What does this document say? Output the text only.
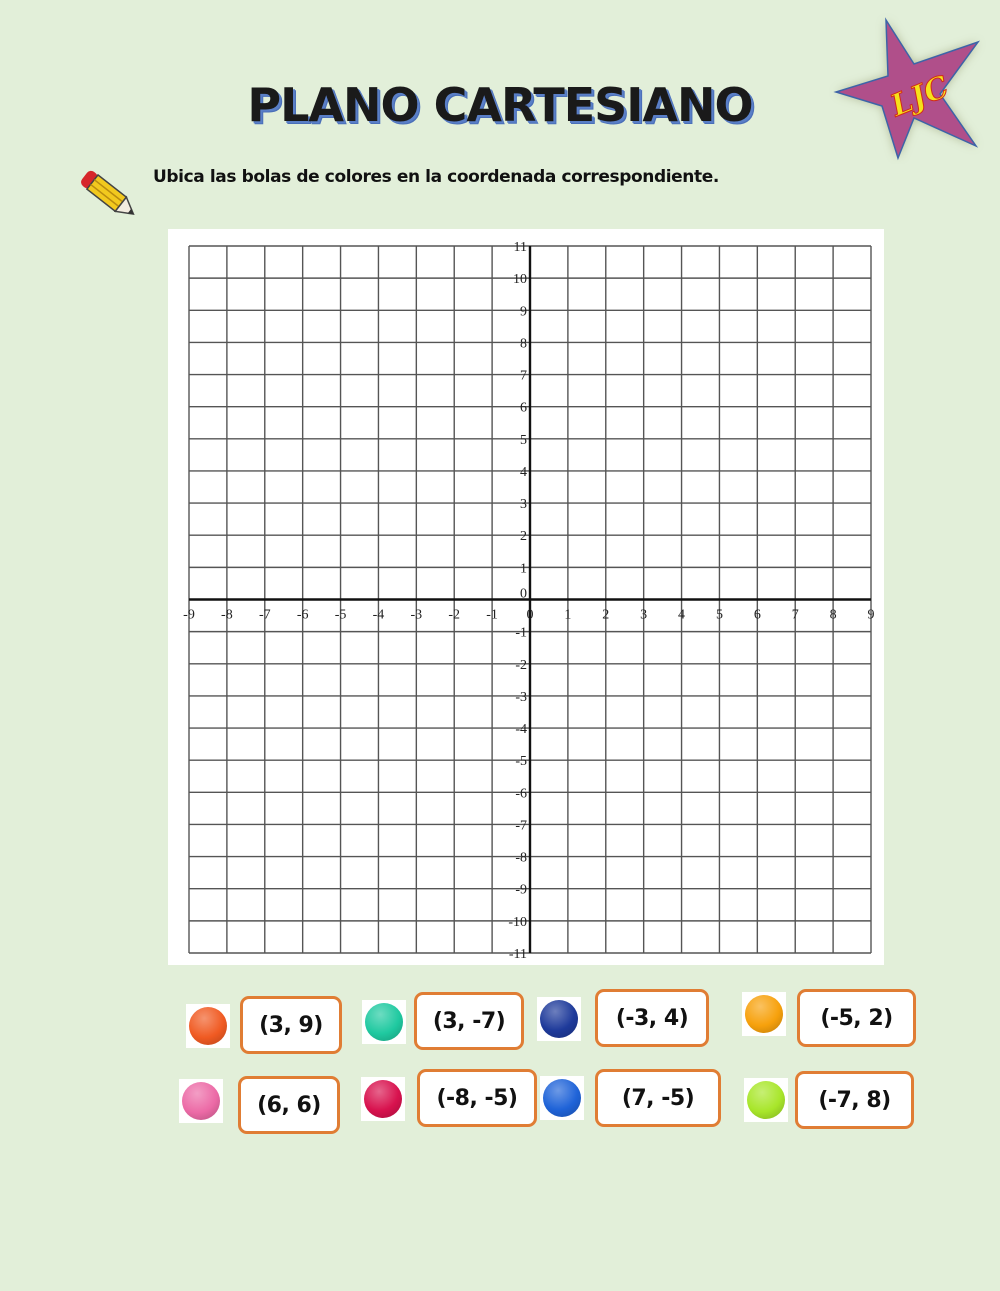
PLANO CARTESIANO	LJC
Ubica las bolas de colores en la coordenada correspondiente.
-9 -8 -7 -6 -5 -4 -3 -2 -1 0 1 2 3 4 5 6 7 8 9
11
10
9
8
7
6
5
4
3
2
1
0
-1
-2
-3
-4
-5
-6
-7
-8
-9
-10
-11
(3, 9)	(3, -7)	(-3, 4)	(-5, 2)
(6, 6)	(-8, -5)	(7, -5)	(-7, 8)
